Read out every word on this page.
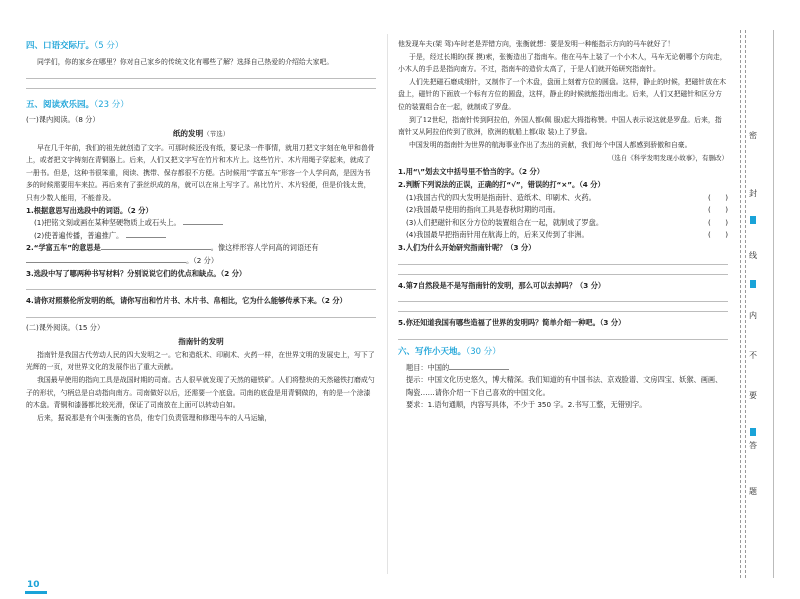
四、口语交际厅。（5 分）

同学们，你的家乡在哪里？你对自己家乡的传统文化有哪些了解？选择自己热爱的介绍给大家吧。

五、阅读欢乐园。（23 分）
(一)课内阅读。（8 分）
纸的发明（节选）

早在几千年前，我们的祖先就创造了文字。可那时候还没有纸，要记录一件事情，就用刀把文字刻在龟甲和兽骨上，或者把文字铸刻在青铜器上。后来，人们又把文字写在竹片和木片上。这些竹片、木片用绳子穿起来，就成了一册书。但是，这种书很笨重，阅读、携带、保存都很不方便。古时候用“学富五车”形容一个人学问高，是因为书多的时候需要用车来拉。再后来有了蚕丝织成的帛，就可以在帛上写字了。帛比竹片、木片轻便，但是价钱太贵，只有少数人能用，不能普及。

1.根据意思写出选段中的词语。（2 分）

(1)把铭文刻或画在某种坚硬物质上或石头上。

(2)使普遍传播，普遍推广。

2.“学富五车”的意思是	。像这样形容人学问高的词语还有

。（2 分）

3.选段中写了哪两种书写材料？分别说说它们的优点和缺点。（2 分）

4.请你对照蔡伦所发明的纸，请你写出和竹片书、木片书、帛相比，它为什么能够传承下来。（2 分）

(二)课外阅读。（15 分）
指南针的发明

指南针是我国古代劳动人民的四大发明之一。它和造纸术、印刷术、火药一样，在世界文明的发展史上，写下了光辉的一页，对世界文化的发展作出了重大贡献。

我国最早使用的指向工具是战国时期的司南。古人很早就发现了天然的磁铁矿。人们将整块的天然磁铁打磨成勺子的形状，勺柄总是自动指向南方。司南做好以后，还需要一个底盘。司南的底盘是用青铜做的，有的是一个涂漆的木盘。青铜和漆器都比较光滑，保证了司南放在上面可以转动自如。

后来，据说那是有个叫张衡的官员，他专门负责管理和修理马车的人马运输，

他发现车夫(架 驾)车时老是弄错方向，张衡就想：要是发明一种能指示方向的马车就好了！

于是，经过长期的(探 摸)索，张衡造出了指南车。他在马车上装了一个小木人，马车无论朝哪个方向走，小木人的手总是指向南方。不过，指南车的造价太高了，于是人们就开始研究指南针。

人们先把磁石磨成细针，又制作了一个木盘，盘面上刻着方位的圆盘。这样，静止的时候，把磁针放在木盘上，磁针的下面放一个标有方位的圆盘，这样，静止的时候就能指出南北。后来，人们又把磁针和区分方位的装置组合在一起，就制成了罗盘。

到了12世纪，指南针传到阿拉伯，外国人都(佩 服)起大拇指称赞。中国人表示说这就是罗盘。后来，指南针又从阿拉伯传到了欧洲，欧洲的航船上都(取 装)上了罗盘。

中国发明的指南针为世界的航海事业作出了杰出的贡献，我们每个中国人都感到骄傲和自豪。

（选自《科学发明发现小故事》，有删改）

1.用“\”划去文中括号里不恰当的字。（2 分）

2.判断下列说法的正误，正确的打“√”，错误的打“×”。（4 分）

(1)我国古代的四大发明是指南针、造纸术、印刷术、火药。	(　　)
(2)我国最早使用的指向工具是春秋时期的司南。	(　　)
(3)人们把磁针和区分方位的装置组合在一起，就制成了罗盘。	(　　)
(4)我国最早把指南针用在航海上的，后来又传到了非洲。	(　　)

3.人们为什么开始研究指南针呢？（3 分）

4.第7自然段是不是写指南针的发明，那么可以去掉吗？（3 分）

5.你还知道我国有哪些造福了世界的发明吗？简单介绍一种吧。（3 分）

六、写作小天地。（30 分）

题目：中国的

提示：中国文化历史悠久，博大精深。我们知道的有中国书法、京戏脸谱、文房四宝、妖猴、画画、陶瓷……请你介绍一下自己喜欢的中国文化。

要求：1.语句通顺，内容写具体，不少于 350 字。2.书写工整，无错别字。

密
封
线
内
不
要
答
题
10
